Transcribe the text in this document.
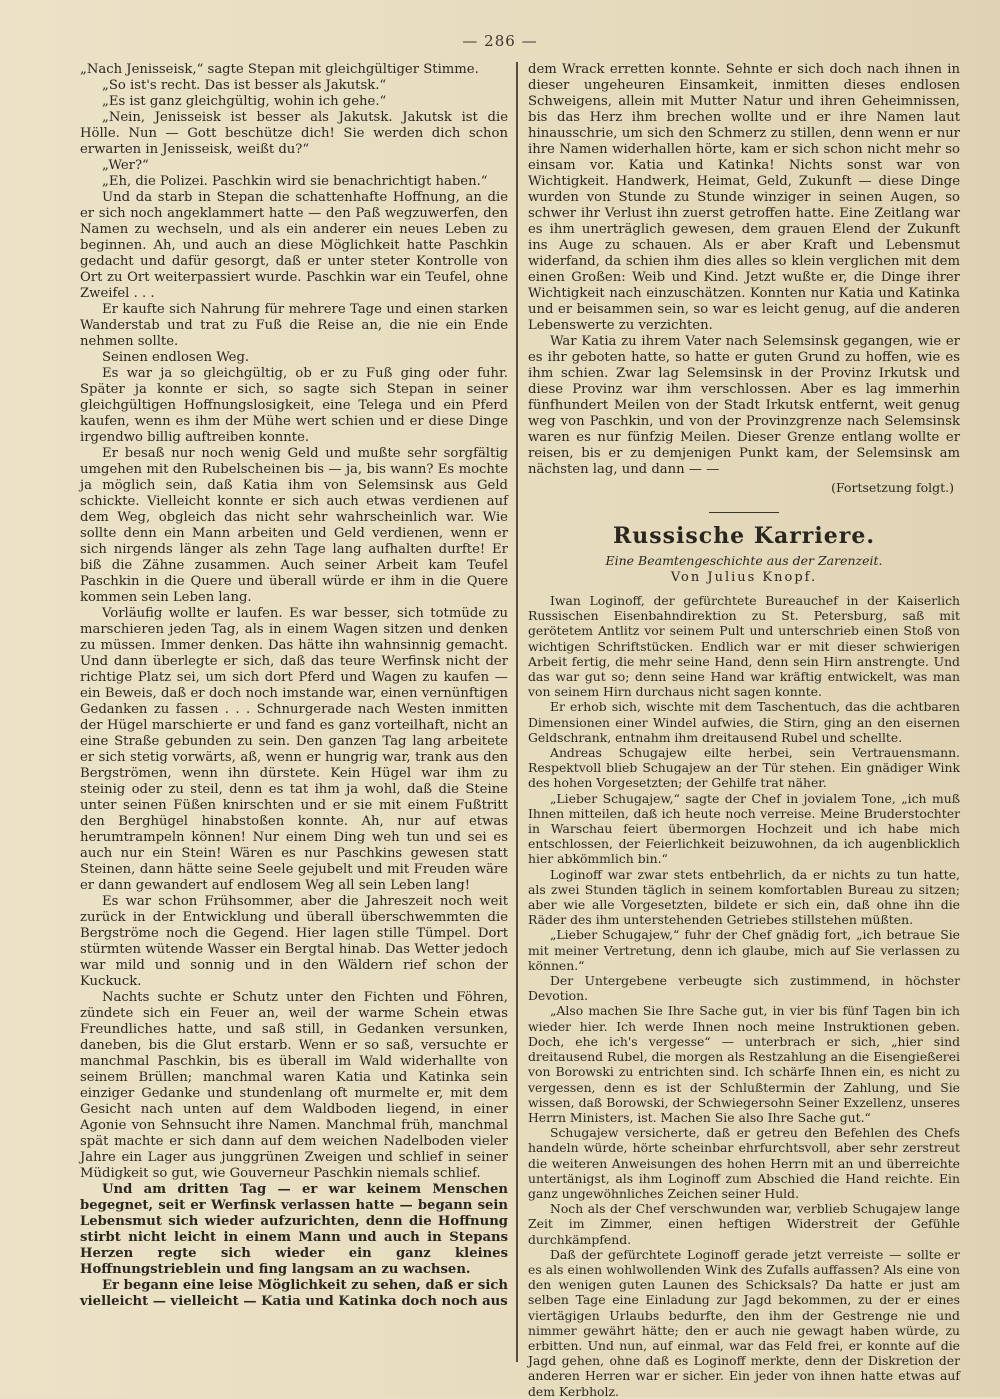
— 286 —

„Nach Jenisseisk,“ sagte Stepan mit gleichgültiger Stimme.

„So ist's recht. Das ist besser als Jakutsk.“

„Es ist ganz gleichgültig, wohin ich gehe.“

„Nein, Jenisseisk ist besser als Jakutsk. Jakutsk ist die Hölle. Nun — Gott beschütze dich! Sie werden dich schon erwarten in Jenisseisk, weißt du?“

„Wer?“

„Eh, die Polizei. Paschkin wird sie benachrichtigt haben.“

Und da starb in Stepan die schattenhafte Hoffnung, an die er sich noch angeklammert hatte — den Paß wegzuwerfen, den Namen zu wechseln, und als ein anderer ein neues Leben zu beginnen. Ah, und auch an diese Möglichkeit hatte Paschkin gedacht und dafür gesorgt, daß er unter steter Kontrolle von Ort zu Ort weiterpassiert wurde. Paschkin war ein Teufel, ohne Zweifel . . .

Er kaufte sich Nahrung für mehrere Tage und einen starken Wanderstab und trat zu Fuß die Reise an, die nie ein Ende nehmen sollte.

Seinen endlosen Weg.

Es war ja so gleichgültig, ob er zu Fuß ging oder fuhr. Später ja konnte er sich, so sagte sich Stepan in seiner gleichgültigen Hoffnungslosigkeit, eine Telega und ein Pferd kaufen, wenn es ihm der Mühe wert schien und er diese Dinge irgendwo billig auftreiben konnte.

Er besaß nur noch wenig Geld und mußte sehr sorgfältig umgehen mit den Rubelscheinen bis — ja, bis wann? Es mochte ja möglich sein, daß Katia ihm von Selemsinsk aus Geld schickte. Vielleicht konnte er sich auch etwas verdienen auf dem Weg, obgleich das nicht sehr wahrscheinlich war. Wie sollte denn ein Mann arbeiten und Geld verdienen, wenn er sich nirgends länger als zehn Tage lang aufhalten durfte! Er biß die Zähne zusammen. Auch seiner Arbeit kam Teufel Paschkin in die Quere und überall würde er ihm in die Quere kommen sein Leben lang.

Vorläufig wollte er laufen. Es war besser, sich totmüde zu marschieren jeden Tag, als in einem Wagen sitzen und denken zu müssen. Immer denken. Das hätte ihn wahnsinnig gemacht. Und dann überlegte er sich, daß das teure Werfinsk nicht der richtige Platz sei, um sich dort Pferd und Wagen zu kaufen — ein Beweis, daß er doch noch imstande war, einen vernünftigen Gedanken zu fassen . . . Schnurgerade nach Westen inmitten der Hügel marschierte er und fand es ganz vorteilhaft, nicht an eine Straße gebunden zu sein. Den ganzen Tag lang arbeitete er sich stetig vorwärts, aß, wenn er hungrig war, trank aus den Bergströmen, wenn ihn dürstete. Kein Hügel war ihm zu steinig oder zu steil, denn es tat ihm ja wohl, daß die Steine unter seinen Füßen knirschten und er sie mit einem Fußtritt den Berghügel hinabstoßen konnte. Ah, nur auf etwas herumtrampeln können! Nur einem Ding weh tun und sei es auch nur ein Stein! Wären es nur Paschkins gewesen statt Steinen, dann hätte seine Seele gejubelt und mit Freuden wäre er dann gewandert auf endlosem Weg all sein Leben lang!

Es war schon Frühsommer, aber die Jahreszeit noch weit zurück in der Entwicklung und überall überschwemmten die Bergströme noch die Gegend. Hier lagen stille Tümpel. Dort stürmten wütende Wasser ein Bergtal hinab. Das Wetter jedoch war mild und sonnig und in den Wäldern rief schon der Kuckuck.

Nachts suchte er Schutz unter den Fichten und Föhren, zündete sich ein Feuer an, weil der warme Schein etwas Freundliches hatte, und saß still, in Gedanken versunken, daneben, bis die Glut erstarb. Wenn er so saß, versuchte er manchmal Paschkin, bis es überall im Wald widerhallte von seinem Brüllen; manchmal waren Katia und Katinka sein einziger Gedanke und stundenlang oft murmelte er, mit dem Gesicht nach unten auf dem Waldboden liegend, in einer Agonie von Sehnsucht ihre Namen. Manchmal früh, manchmal spät machte er sich dann auf dem weichen Nadelboden vieler Jahre ein Lager aus junggrünen Zweigen und schlief in seiner Müdigkeit so gut, wie Gouverneur Paschkin niemals schlief.

Und am dritten Tag — er war keinem Menschen begegnet, seit er Werfinsk verlassen hatte — begann sein Lebensmut sich wieder aufzurichten, denn die Hoffnung stirbt nicht leicht in einem Mann und auch in Stepans Herzen regte sich wieder ein ganz kleines Hoffnungstrieblein und fing langsam an zu wachsen.

Er begann eine leise Möglichkeit zu sehen, daß er sich vielleicht — vielleicht — Katia und Katinka doch noch aus

dem Wrack erretten konnte. Sehnte er sich doch nach ihnen in dieser ungeheuren Einsamkeit, inmitten dieses endlosen Schweigens, allein mit Mutter Natur und ihren Geheimnissen, bis das Herz ihm brechen wollte und er ihre Namen laut hinausschrie, um sich den Schmerz zu stillen, denn wenn er nur ihre Namen widerhallen hörte, kam er sich schon nicht mehr so einsam vor. Katia und Katinka! Nichts sonst war von Wichtigkeit. Handwerk, Heimat, Geld, Zukunft — diese Dinge wurden von Stunde zu Stunde winziger in seinen Augen, so schwer ihr Verlust ihn zuerst getroffen hatte. Eine Zeitlang war es ihm unerträglich gewesen, dem grauen Elend der Zukunft ins Auge zu schauen. Als er aber Kraft und Lebensmut widerfand, da schien ihm dies alles so klein verglichen mit dem einen Großen: Weib und Kind. Jetzt wußte er, die Dinge ihrer Wichtigkeit nach einzuschätzen. Konnten nur Katia und Katinka und er beisammen sein, so war es leicht genug, auf die anderen Lebenswerte zu verzichten.

War Katia zu ihrem Vater nach Selemsinsk gegangen, wie er es ihr geboten hatte, so hatte er guten Grund zu hoffen, wie es ihm schien. Zwar lag Selemsinsk in der Provinz Irkutsk und diese Provinz war ihm verschlossen. Aber es lag immerhin fünfhundert Meilen von der Stadt Irkutsk entfernt, weit genug weg von Paschkin, und von der Provinzgrenze nach Selemsinsk waren es nur fünfzig Meilen. Dieser Grenze entlang wollte er reisen, bis er zu demjenigen Punkt kam, der Selemsinsk am nächsten lag, und dann — —

(Fortsetzung folgt.)
Russische Karriere.
Eine Beamtengeschichte aus der Zarenzeit.
Von Julius Knopf.

Iwan Loginoff, der gefürchtete Bureauchef in der Kaiserlich Russischen Eisenbahndirektion zu St. Petersburg, saß mit gerötetem Antlitz vor seinem Pult und unterschrieb einen Stoß von wichtigen Schriftstücken. Endlich war er mit dieser schwierigen Arbeit fertig, die mehr seine Hand, denn sein Hirn anstrengte. Und das war gut so; denn seine Hand war kräftig entwickelt, was man von seinem Hirn durchaus nicht sagen konnte.

Er erhob sich, wischte mit dem Taschentuch, das die achtbaren Dimensionen einer Windel aufwies, die Stirn, ging an den eisernen Geldschrank, entnahm ihm dreitausend Rubel und schellte.

Andreas Schugajew eilte herbei, sein Vertrauensmann. Respektvoll blieb Schugajew an der Tür stehen. Ein gnädiger Wink des hohen Vorgesetzten; der Gehilfe trat näher.

„Lieber Schugajew,“ sagte der Chef in jovialem Tone, „ich muß Ihnen mitteilen, daß ich heute noch verreise. Meine Bruderstochter in Warschau feiert übermorgen Hochzeit und ich habe mich entschlossen, der Feierlichkeit beizuwohnen, da ich augenblicklich hier abkömmlich bin.“

Loginoff war zwar stets entbehrlich, da er nichts zu tun hatte, als zwei Stunden täglich in seinem komfortablen Bureau zu sitzen; aber wie alle Vorgesetzten, bildete er sich ein, daß ohne ihn die Räder des ihm unterstehenden Getriebes stillstehen müßten.

„Lieber Schugajew,“ fuhr der Chef gnädig fort, „ich betraue Sie mit meiner Vertretung, denn ich glaube, mich auf Sie verlassen zu können.“

Der Untergebene verbeugte sich zustimmend, in höchster Devotion.

„Also machen Sie Ihre Sache gut, in vier bis fünf Tagen bin ich wieder hier. Ich werde Ihnen noch meine Instruktionen geben. Doch, ehe ich's vergesse“ — unterbrach er sich, „hier sind dreitausend Rubel, die morgen als Restzahlung an die Eisengießerei von Borowski zu entrichten sind. Ich schärfe Ihnen ein, es nicht zu vergessen, denn es ist der Schlußtermin der Zahlung, und Sie wissen, daß Borowski, der Schwiegersohn Seiner Exzellenz, unseres Herrn Ministers, ist. Machen Sie also Ihre Sache gut.“

Schugajew versicherte, daß er getreu den Befehlen des Chefs handeln würde, hörte scheinbar ehrfurchtsvoll, aber sehr zerstreut die weiteren Anweisungen des hohen Herrn mit an und überreichte untertänigst, als ihm Loginoff zum Abschied die Hand reichte. Ein ganz ungewöhnliches Zeichen seiner Huld.

Noch als der Chef verschwunden war, verblieb Schugajew lange Zeit im Zimmer, einen heftigen Widerstreit der Gefühle durchkämpfend.

Daß der gefürchtete Loginoff gerade jetzt verreiste — sollte er es als einen wohlwollenden Wink des Zufalls auffassen? Als eine von den wenigen guten Launen des Schicksals? Da hatte er just am selben Tage eine Einladung zur Jagd bekommen, zu der er eines viertägigen Urlaubs bedurfte, den ihm der Gestrenge nie und nimmer gewährt hätte; den er auch nie gewagt haben würde, zu erbitten. Und nun, auf einmal, war das Feld frei, er konnte auf die Jagd gehen, ohne daß es Loginoff merkte, denn der Diskretion der anderen Herren war er sicher. Ein jeder von ihnen hatte etwas auf dem Kerbholz.
